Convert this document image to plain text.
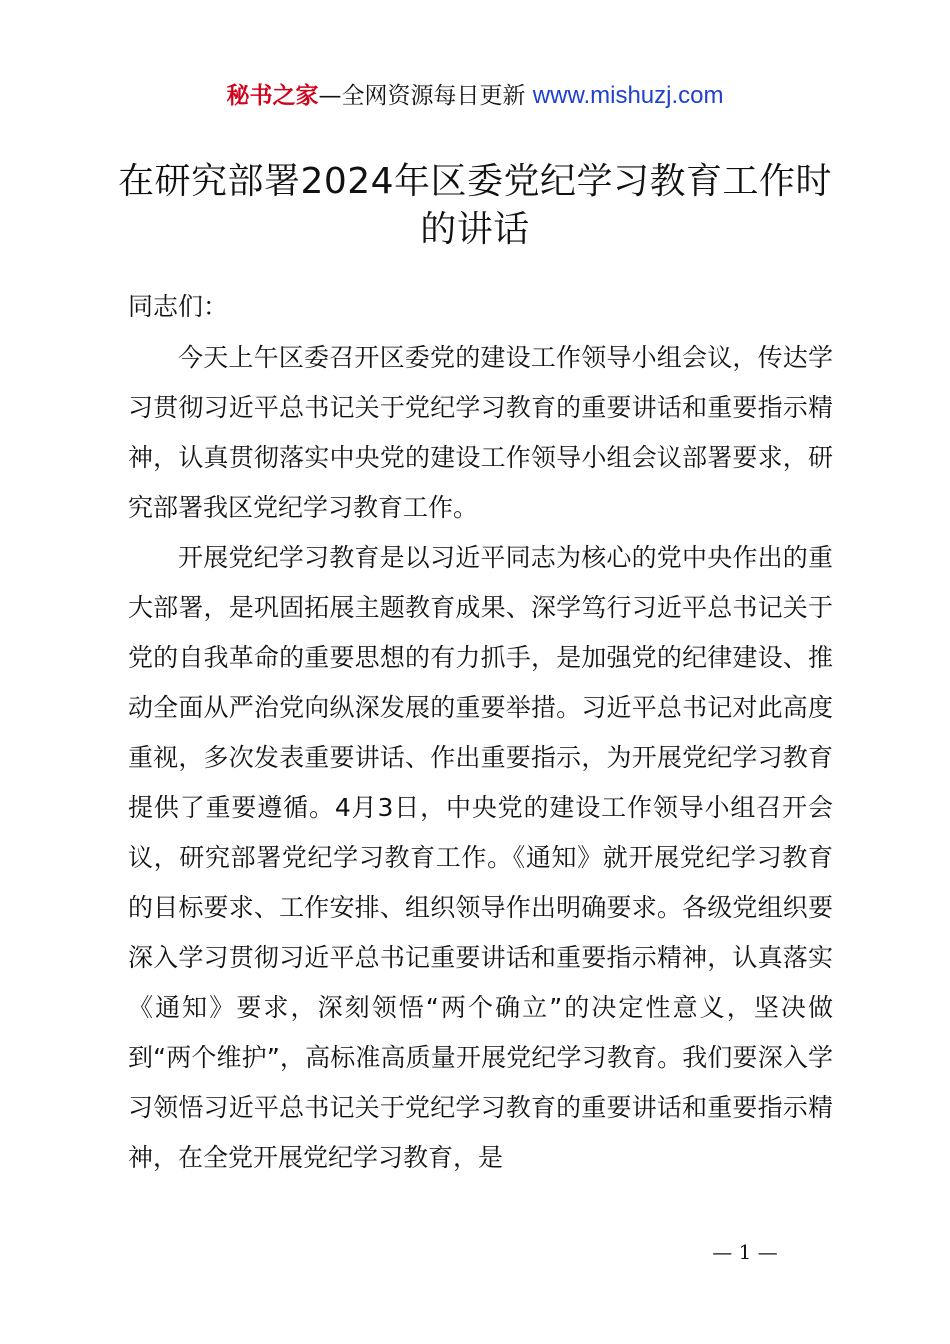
秘书之家—全网资源每日更新 www.mishuzj.com
在研究部署2024年区委党纪学习教育工作时的讲话
同志们：

今天上午区委召开区委党的建设工作领导小组会议，传达学习贯彻习近平总书记关于党纪学习教育的重要讲话和重要指示精神，认真贯彻落实中央党的建设工作领导小组会议部署要求，研究部署我区党纪学习教育工作。

开展党纪学习教育是以习近平同志为核心的党中央作出的重大部署，是巩固拓展主题教育成果、深学笃行习近平总书记关于党的自我革命的重要思想的有力抓手，是加强党的纪律建设、推动全面从严治党向纵深发展的重要举措。习近平总书记对此高度重视，多次发表重要讲话、作出重要指示，为开展党纪学习教育提供了重要遵循。4月3日，中央党的建设工作领导小组召开会议，研究部署党纪学习教育工作。《通知》就开展党纪学习教育的目标要求、工作安排、组织领导作出明确要求。各级党组织要深入学习贯彻习近平总书记重要讲话和重要指示精神，认真落实《通知》要求，深刻领悟“两个确立”的决定性意义，坚决做到“两个维护”，高标准高质量开展党纪学习教育。我们要深入学习领悟习近平总书记关于党纪学习教育的重要讲话和重要指示精神，在全党开展党纪学习教育，是

— 1 —
